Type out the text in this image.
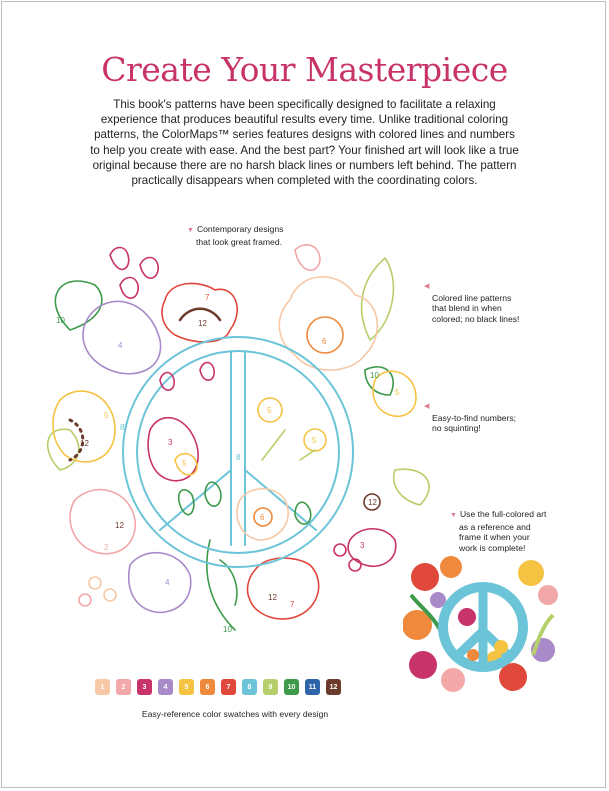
Create Your Masterpiece

This book's patterns have been specifically designed to facilitate a relaxing experience that produces beautiful results every time. Unlike traditional coloring patterns, the ColorMaps™ series features designs with colored lines and numbers to help you create with ease. And the best part? Your finished art will look like a true original because there are no harsh black lines or numbers left behind. The pattern practically disappears when completed with the coordinating colors.

7
12
6
4
12
5
2
12
3
5
5
5
6
8
8
12
7
12
4
10
10
10
5
3
▼ Contemporary designs
that look great framed.
◀
Colored line patterns
that blend in when
colored; no black lines!
◀
Easy-to-find numbers;
no squinting!
▼ Use the full-colored art
as a reference and
frame it when your
work is complete!
1	2	3	4	5	6	7	8	9	10	11	12
Easy-reference color swatches with every design
